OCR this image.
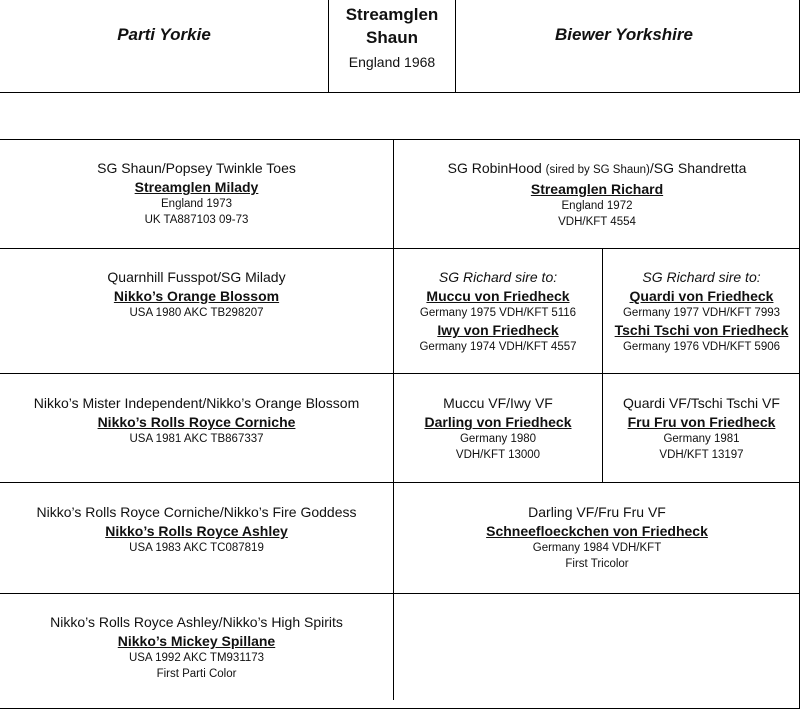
Parti Yorkie
Streamglen
Shaun
England 1968
Biewer Yorkshire
SG Shaun/Popsey Twinkle Toes
Streamglen Milady
England 1973
UK TA887103 09-73
SG RobinHood (sired by SG Shaun)/SG Shandretta
Streamglen Richard
England 1972
VDH/KFT 4554
Quarnhill Fusspot/SG Milady
Nikko’s Orange Blossom
USA 1980 AKC TB298207
SG Richard sire to:
Muccu von Friedheck
Germany 1975 VDH/KFT 5116
Iwy von Friedheck
Germany 1974 VDH/KFT 4557
SG Richard sire to:
Quardi von Friedheck
Germany 1977 VDH/KFT 7993
Tschi Tschi von Friedheck
Germany 1976 VDH/KFT 5906
Nikko’s Mister Independent/Nikko’s Orange Blossom
Nikko’s Rolls Royce Corniche
USA 1981 AKC TB867337
Muccu VF/Iwy VF
Darling von Friedheck
Germany 1980
VDH/KFT 13000
Quardi VF/Tschi Tschi VF
Fru Fru von Friedheck
Germany 1981
VDH/KFT 13197
Nikko’s Rolls Royce Corniche/Nikko’s Fire Goddess
Nikko’s Rolls Royce Ashley
USA 1983 AKC TC087819
Darling VF/Fru Fru VF
Schneefloeckchen von Friedheck
Germany 1984 VDH/KFT
First Tricolor
Nikko’s Rolls Royce Ashley/Nikko’s High Spirits
Nikko’s Mickey Spillane
USA 1992 AKC TM931173
First Parti Color
